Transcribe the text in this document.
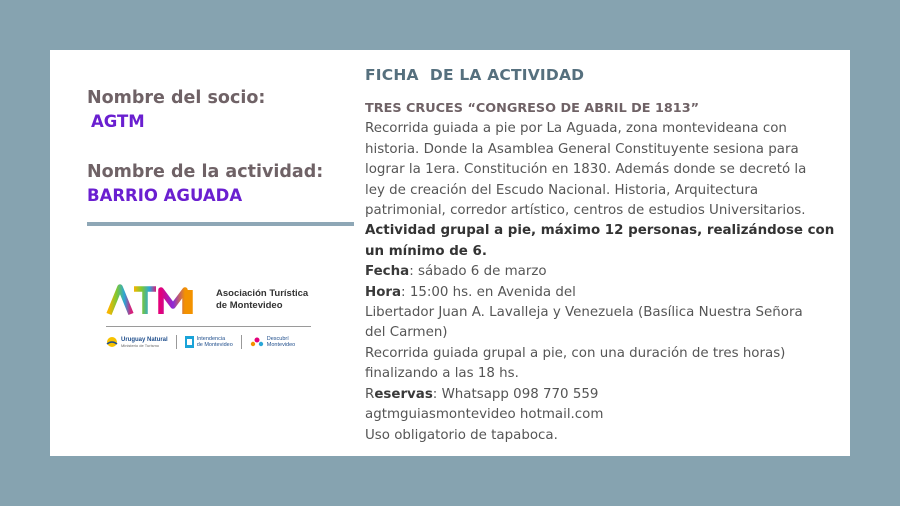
Nombre del socio:
AGTM
Nombre de la actividad:
BARRIO AGUADA
Asociación Turística
de Montevideo
Uruguay Natural
Ministerio de Turismo
Intendencia
de Montevideo
Descubrí
Montevideo
FICHA  DE LA ACTIVIDAD
TRES CRUCES “CONGRESO DE ABRIL DE 1813”
Recorrida guiada a pie por La Aguada, zona montevideana con
historia. Donde la Asamblea General Constituyente sesiona para
lograr la 1era. Constitución en 1830. Además donde se decretó la
ley de creación del Escudo Nacional. Historia, Arquitectura
patrimonial, corredor artístico, centros de estudios Universitarios.
Actividad grupal a pie, máximo 12 personas, realizándose con
un mínimo de 6.
Fecha: sábado 6 de marzo
Hora: 15:00 hs. en Avenida del
Libertador Juan A. Lavalleja y Venezuela (Basílica Nuestra Señora
del Carmen)
Recorrida guiada grupal a pie, con una duración de tres horas)
finalizando a las 18 hs.
Reservas: Whatsapp 098 770 559
agtmguiasmontevideo hotmail.com
Uso obligatorio de tapaboca.
